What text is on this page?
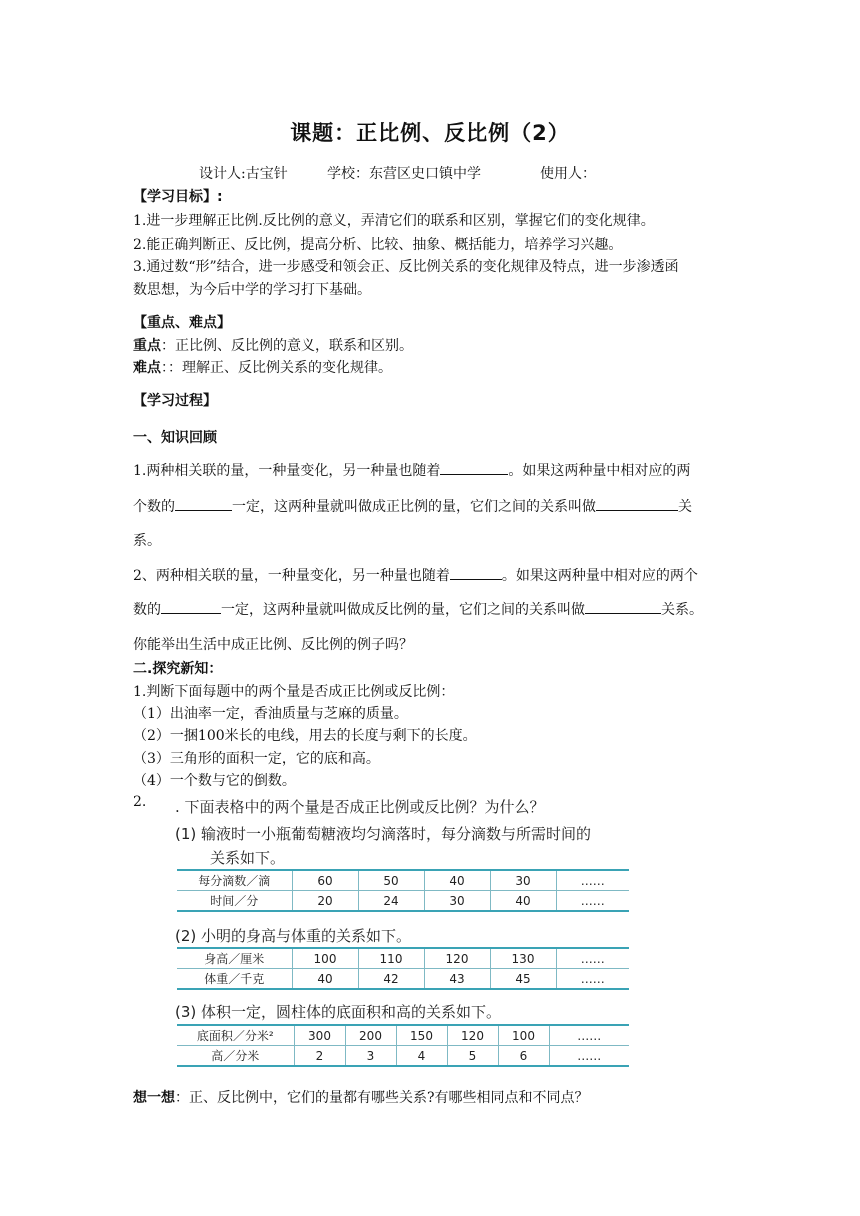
课题：正比例、反比例（2）
设计人:古宝针	学校：东营区史口镇中学	使用人：
【学习目标】:
1.进一步理解正比例.反比例的意义，弄清它们的联系和区别，掌握它们的变化规律。
2.能正确判断正、反比例，提高分析、比较、抽象、概括能力，培养学习兴趣。
3.通过数“形”结合，进一步感受和领会正、反比例关系的变化规律及特点，进一步渗透函
数思想，为今后中学的学习打下基础。
【重点、难点】
重点：正比例、反比例的意义，联系和区别。
难点：：理解正、反比例关系的变化规律。
【学习过程】
一、知识回顾
1.两种相关联的量，一种量变化，另一种量也随着	。如果这两种量中相对应的两
个数的	一定，这两种量就叫做成正比例的量，它们之间的关系叫做	关
系。
2、两种相关联的量，一种量变化，另一种量也随着	。如果这两种量中相对应的两个
数的	一定，这两种量就叫做成反比例的量，它们之间的关系叫做	关系。
你能举出生活中成正比例、反比例的例子吗？
二.探究新知：
1.判断下面每题中的两个量是否成正比例或反比例：
（1）出油率一定，香油质量与芝麻的质量。
（2）一捆100米长的电线，用去的长度与剩下的长度。
（3）三角形的面积一定，它的底和高。
（4）一个数与它的倒数。
2. . 下面表格中的两个量是否成正比例或反比例？为什么？
(1) 输液时一小瓶葡萄糖液均匀滴落时，每分滴数与所需时间的
关系如下。
每分滴数／滴	60	50	40	30	……
时间／分	20	24	30	40	……
(2) 小明的身高与体重的关系如下。
身高／厘米	100	110	120	130	……
体重／千克	40	42	43	45	……
(3) 体积一定，圆柱体的底面积和高的关系如下。
底面积／分米²	300	200	150	120	100	……
高／分米	2	3	4	5	6	……
想一想：正、反比例中，它们的量都有哪些关系?有哪些相同点和不同点？
